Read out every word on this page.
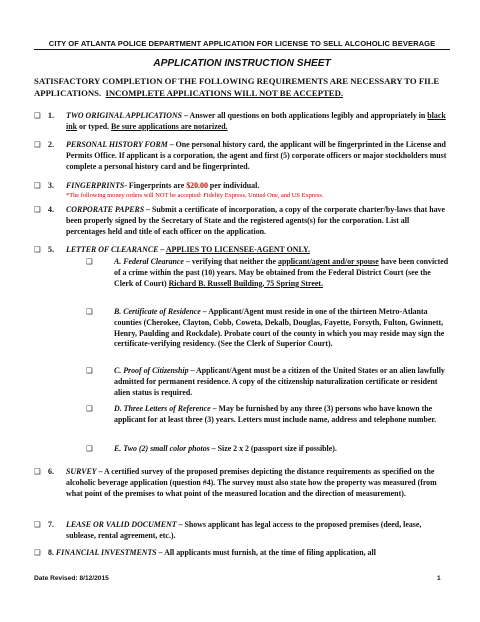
CITY OF ATLANTA POLICE DEPARTMENT APPLICATION FOR LICENSE TO SELL ALCOHOLIC BEVERAGE
APPLICATION INSTRUCTION SHEET
SATISFACTORY COMPLETION OF THE FOLLOWING REQUIREMENTS ARE NECESSARY TO FILE APPLICATIONS. INCOMPLETE APPLICATIONS WILL NOT BE ACCEPTED.
❑ 1. TWO ORIGINAL APPLICATIONS – Answer all questions on both applications legibly and appropriately in black ink or typed. Be sure applications are notarized.
❑ 2. PERSONAL HISTORY FORM – One personal history card, the applicant will be fingerprinted in the License and Permits Office. If applicant is a corporation, the agent and first (5) corporate officers or major stockholders must complete a personal history card and be fingerprinted.
❑ 3. FINGERPRINTS- Fingerprints are $20.00 per individual.
*The following money orders will NOT be accepted: Fidelity Express, United One, and US Express.
❑ 4. CORPORATE PAPERS – Submit a certificate of incorporation, a copy of the corporate charter/by-laws that have been properly signed by the Secretary of State and the registered agents(s) for the corporation. List all percentages held and title of each officer on the application.
❑ 5. LETTER OF CLEARANCE – APPLIES TO LICENSEE-AGENT ONLY.
❑	A. Federal Clearance – verifying that neither the applicant/agent and/or spouse have been convicted of a crime within the past (10) years. May be obtained from the Federal District Court (see the Clerk of Court) Richard B. Russell Building, 75 Spring Street.
❑	B. Certificate of Residence – Applicant/Agent must reside in one of the thirteen Metro-Atlanta counties (Cherokee, Clayton, Cobb, Coweta, Dekalb, Douglas, Fayette, Forsyth, Fulton, Gwinnett, Henry, Paulding and Rockdale). Probate court of the county in which you may reside may sign the certificate-verifying residency. (See the Clerk of Superior Court).
❑	C. Proof of Citizenship – Applicant/Agent must be a citizen of the United States or an alien lawfully admitted for permanent residence. A copy of the citizenship naturalization certificate or resident alien status is required.
❑	D. Three Letters of Reference – May be furnished by any three (3) persons who have known the applicant for at least three (3) years. Letters must include name, address and telephone number.
❑	E. Two (2) small color photos – Size 2 x 2 (passport size if possible).
❑ 6. SURVEY – A certified survey of the proposed premises depicting the distance requirements as specified on the alcoholic beverage application (question #4). The survey must also state how the property was measured (from what point of the premises to what point of the measured location and the direction of measurement).
❑ 7. LEASE OR VALID DOCUMENT – Shows applicant has legal access to the proposed premises (deed, lease, sublease, rental agreement, etc.).
❑ 8. FINANCIAL INVESTMENTS – All applicants must furnish, at the time of filing application, all
Date Revised: 8/12/2015	1
